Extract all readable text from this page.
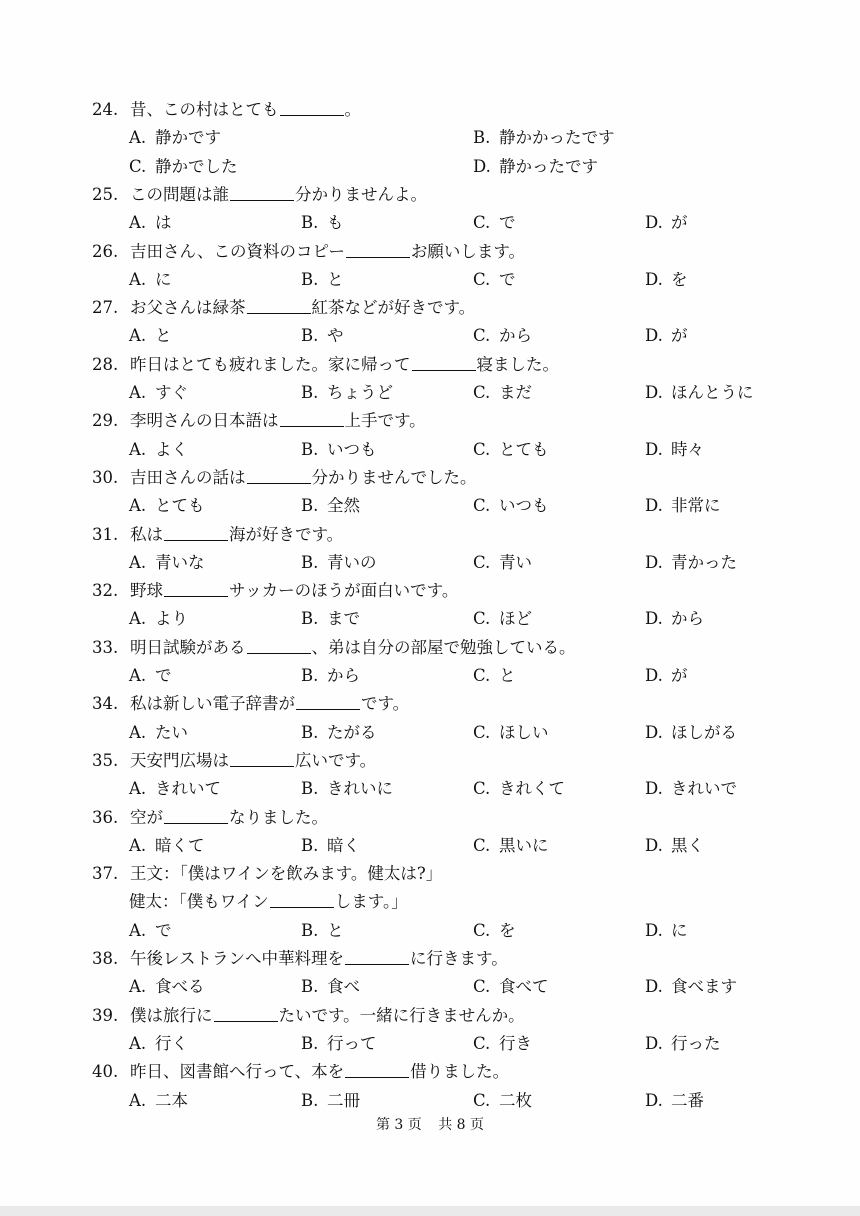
24. 昔、この村はとても	。
A. 静かです	B. 静かかったです
C. 静かでした	D. 静かったです
25. この問題は誰	分かりませんよ。
A. は	B. も	C. で	D. が
26. 吉田さん、この資料のコピー	お願いします。
A. に	B. と	C. で	D. を
27. お父さんは緑茶	紅茶などが好きです。
A. と	B. や	C. から	D. が
28. 昨日はとても疲れました。家に帰って	寝ました。
A. すぐ	B. ちょうど	C. まだ	D. ほんとうに
29. 李明さんの日本語は	上手です。
A. よく	B. いつも	C. とても	D. 時々
30. 吉田さんの話は	分かりませんでした。
A. とても	B. 全然	C. いつも	D. 非常に
31. 私は	海が好きです。
A. 青いな	B. 青いの	C. 青い	D. 青かった
32. 野球	サッカーのほうが面白いです。
A. より	B. まで	C. ほど	D. から
33. 明日試験がある	、弟は自分の部屋で勉強している。
A. で	B. から	C. と	D. が
34. 私は新しい電子辞書が	です。
A. たい	B. たがる	C. ほしい	D. ほしがる
35. 天安門広場は	広いです。
A. きれいて	B. きれいに	C. きれくて	D. きれいで
36. 空が	なりました。
A. 暗くて	B. 暗く	C. 黒いに	D. 黒く
37. 王文：「僕はワインを飲みます。健太は?」
健太：「僕もワイン	します。」
A. で	B. と	C. を	D. に
38. 午後レストランへ中華料理を	に行きます。
A. 食べる	B. 食べ	C. 食べて	D. 食べます
39. 僕は旅行に	たいです。一緒に行きませんか。
A. 行く	B. 行って	C. 行き	D. 行った
40. 昨日、図書館へ行って、本を	借りました。
A. 二本	B. 二冊	C. 二枚	D. 二番
第 3 页 共 8 页
